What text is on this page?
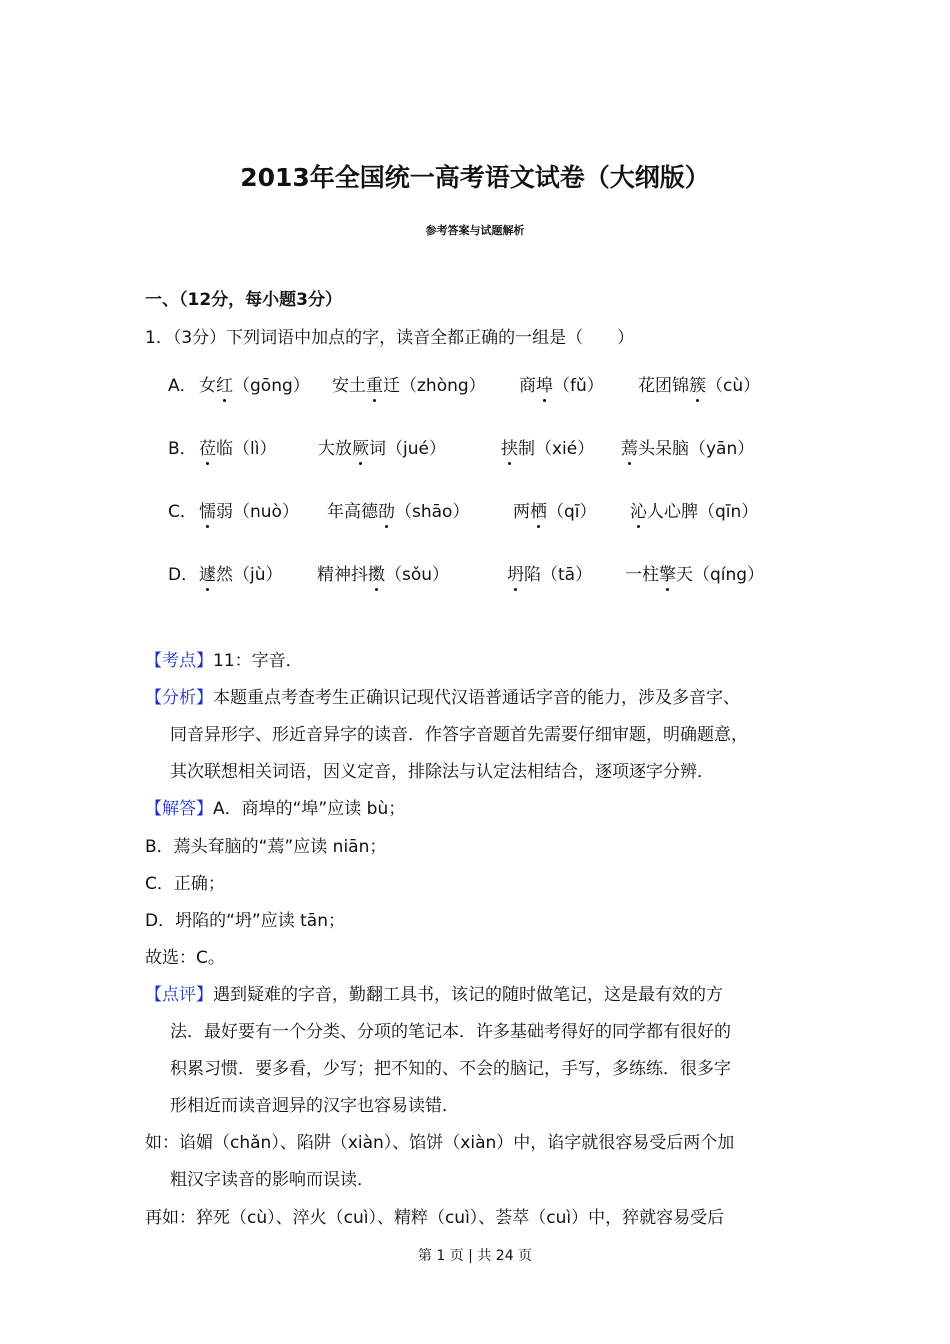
2013年全国统一高考语文试卷（大纲版）
参考答案与试题解析
一、（12分，每小题3分）
1．（3分）下列词语中加点的字，读音全都正确的一组是（　　）
A． 女红（gōng） 安土重迁（zhòng） 商埠（fǔ） 花团锦簇（cù）
B． 莅临（lì） 大放厥词（jué）	挟制（xié） 蔫头呆脑（yān）
C． 懦弱（nuò） 年高德劭（shāo）	两栖（qī） 沁人心脾（qīn）
D． 遽然（jù） 精神抖擞（sǒu）	坍陷（tā） 一柱擎天（qíng）
【考点】11：字音．
【分析】本题重点考查考生正确识记现代汉语普通话字音的能力，涉及多音字、
同音异形字、形近音异字的读音．作答字音题首先需要仔细审题，明确题意，
其次联想相关词语，因义定音，排除法与认定法相结合，逐项逐字分辨．
【解答】A．商埠的“埠”应读 bù；
B．蔫头耷脑的“蔫”应读 niān；
C．正确；
D．坍陷的“坍”应读 tān；
故选：C。
【点评】遇到疑难的字音，勤翻工具书，该记的随时做笔记，这是最有效的方
法．最好要有一个分类、分项的笔记本．许多基础考得好的同学都有很好的
积累习惯．要多看，少写；把不知的、不会的脑记，手写，多练练．很多字
形相近而读音迥异的汉字也容易读错．
如：谄媚（chǎn）、陷阱（xiàn）、馅饼（xiàn）中，谄字就很容易受后两个加
粗汉字读音的影响而误读．
再如：猝死（cù）、淬火（cuì）、精粹（cuì）、荟萃（cuì）中，猝就容易受后
第 1 页 | 共 24 页
